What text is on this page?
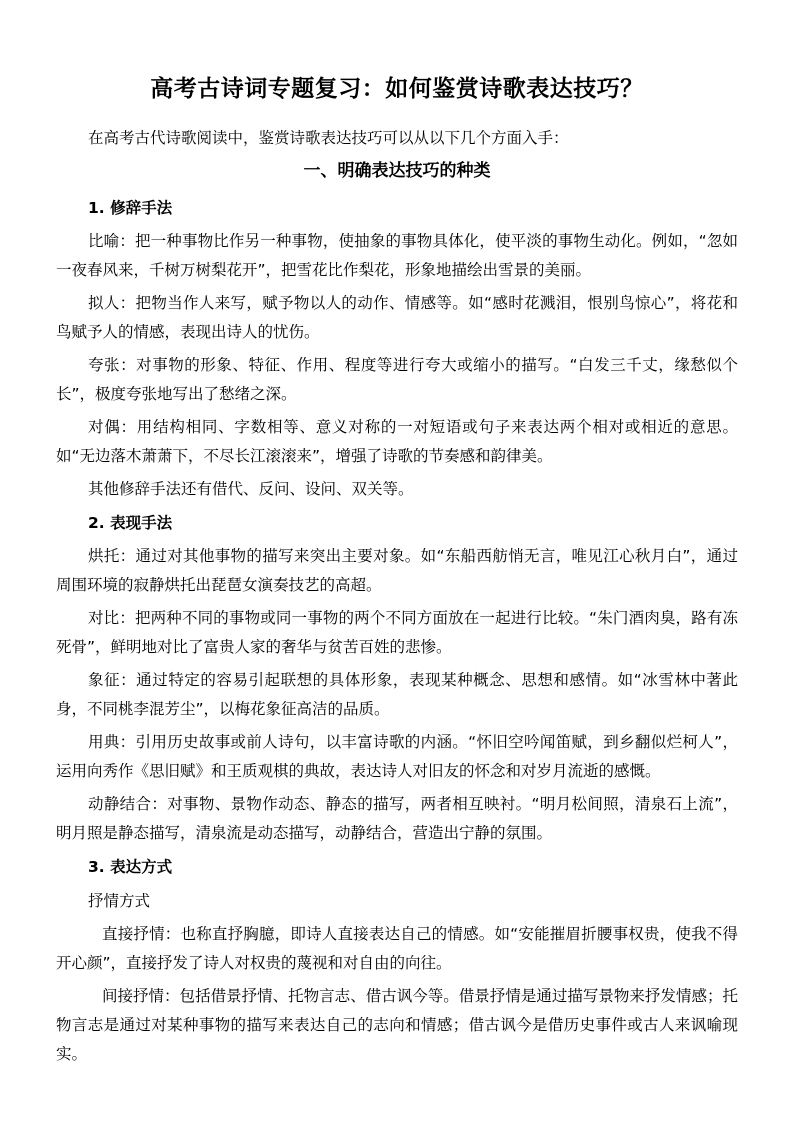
高考古诗词专题复习：如何鉴赏诗歌表达技巧？

在高考古代诗歌阅读中，鉴赏诗歌表达技巧可以从以下几个方面入手：

一、明确表达技巧的种类
1. 修辞手法

比喻：把一种事物比作另一种事物，使抽象的事物具体化，使平淡的事物生动化。例如，“忽如一夜春风来，千树万树梨花开”，把雪花比作梨花，形象地描绘出雪景的美丽。

拟人：把物当作人来写，赋予物以人的动作、情感等。如“感时花溅泪，恨别鸟惊心”，将花和鸟赋予人的情感，表现出诗人的忧伤。

夸张：对事物的形象、特征、作用、程度等进行夸大或缩小的描写。“白发三千丈，缘愁似个长”，极度夸张地写出了愁绪之深。

对偶：用结构相同、字数相等、意义对称的一对短语或句子来表达两个相对或相近的意思。如“无边落木萧萧下，不尽长江滚滚来”，增强了诗歌的节奏感和韵律美。

其他修辞手法还有借代、反问、设问、双关等。

2. 表现手法

烘托：通过对其他事物的描写来突出主要对象。如“东船西舫悄无言，唯见江心秋月白”，通过周围环境的寂静烘托出琵琶女演奏技艺的高超。

对比：把两种不同的事物或同一事物的两个不同方面放在一起进行比较。“朱门酒肉臭，路有冻死骨”，鲜明地对比了富贵人家的奢华与贫苦百姓的悲惨。

象征：通过特定的容易引起联想的具体形象，表现某种概念、思想和感情。如“冰雪林中著此身，不同桃李混芳尘”，以梅花象征高洁的品质。

用典：引用历史故事或前人诗句，以丰富诗歌的内涵。“怀旧空吟闻笛赋，到乡翻似烂柯人”，运用向秀作《思旧赋》和王质观棋的典故，表达诗人对旧友的怀念和对岁月流逝的感慨。

动静结合：对事物、景物作动态、静态的描写，两者相互映衬。“明月松间照，清泉石上流”，明月照是静态描写，清泉流是动态描写，动静结合，营造出宁静的氛围。

3. 表达方式

抒情方式

直接抒情：也称直抒胸臆，即诗人直接表达自己的情感。如“安能摧眉折腰事权贵，使我不得开心颜”，直接抒发了诗人对权贵的蔑视和对自由的向往。

间接抒情：包括借景抒情、托物言志、借古讽今等。借景抒情是通过描写景物来抒发情感；托物言志是通过对某种事物的描写来表达自己的志向和情感；借古讽今是借历史事件或古人来讽喻现实。
